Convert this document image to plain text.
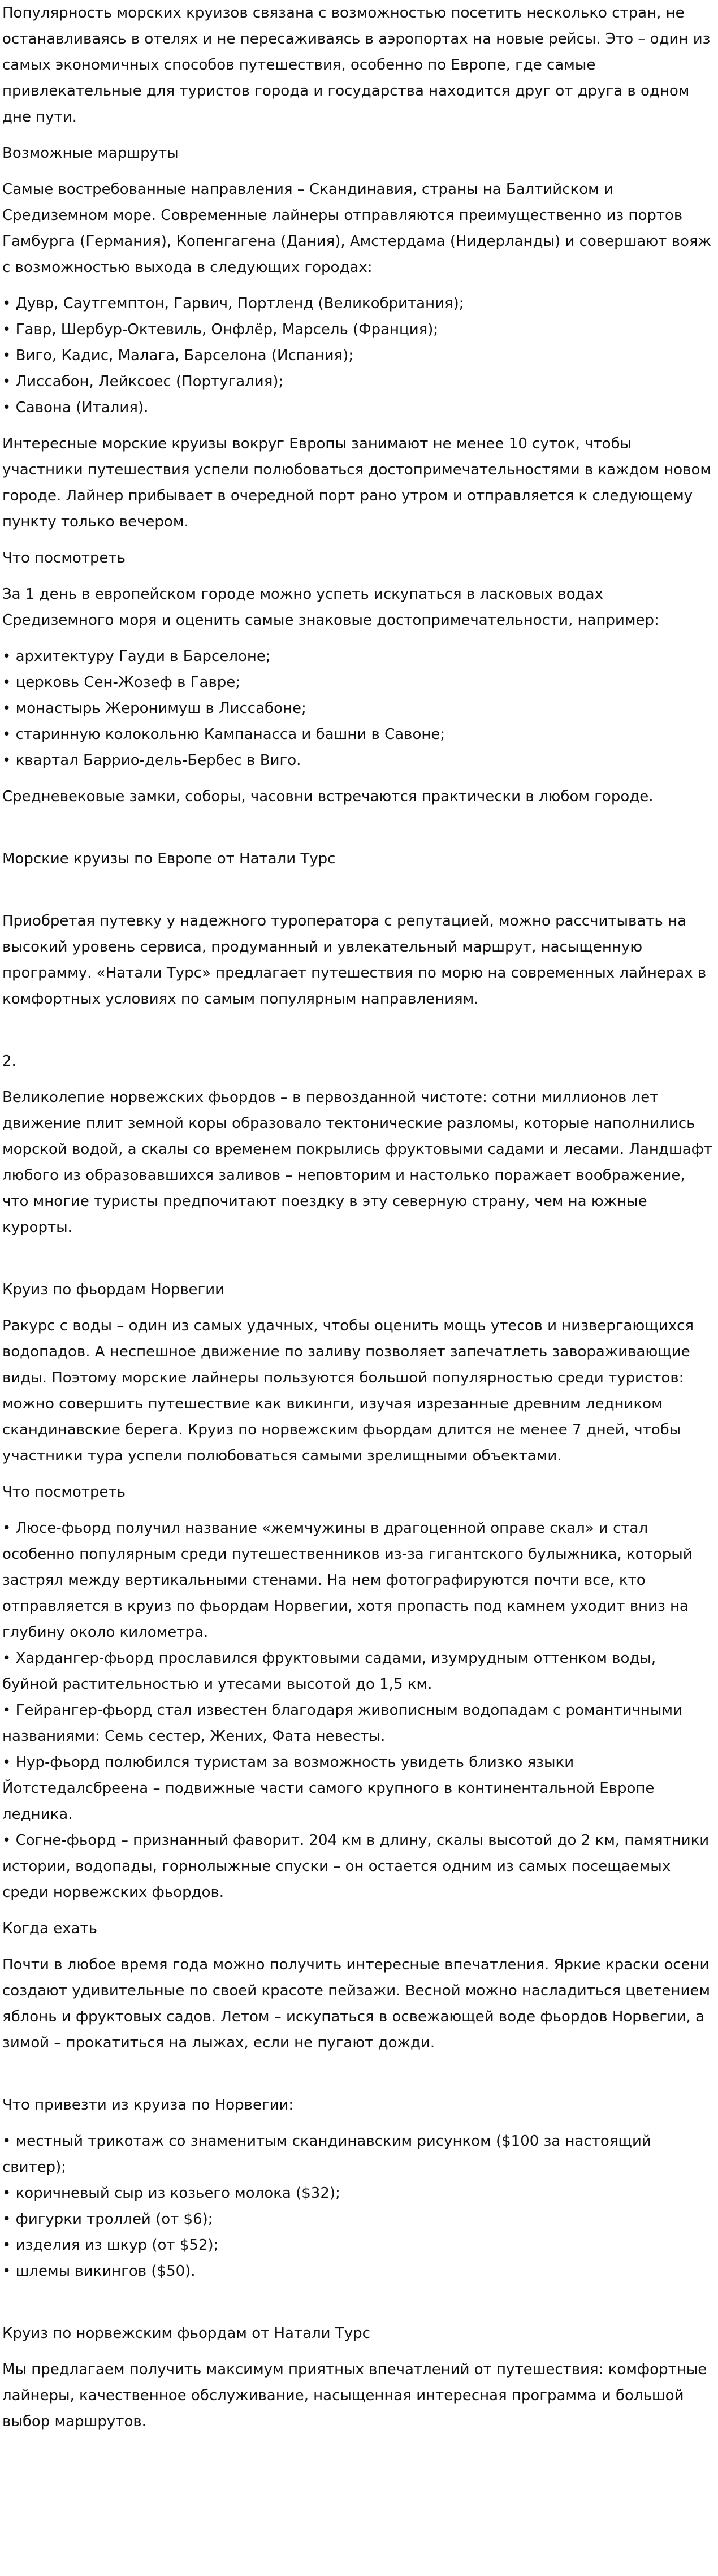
Популярность морских круизов связана с возможностью посетить несколько стран, не останавливаясь в отелях и не пересаживаясь в аэропортах на новые рейсы. Это – один из самых экономичных способов путешествия, особенно по Европе, где самые привлекательные для туристов города и государства находится друг от друга в одном дне пути.

Возможные маршруты

Самые востребованные направления – Скандинавия, страны на Балтийском и Средиземном море. Современные лайнеры отправляются преимущественно из портов Гамбурга (Германия), Копенгагена (Дания), Амстердама (Нидерланды) и совершают вояж с возможностью выхода в следующих городах:

• Дувр, Саутгемптон, Гарвич, Портленд (Великобритания);

• Гавр, Шербур-Октевиль, Онфлёр, Марсель (Франция);

• Виго, Кадис, Малага, Барселона (Испания);

• Лиссабон, Лейксоес (Португалия);

• Савона (Италия).

Интересные морские круизы вокруг Европы занимают не менее 10 суток, чтобы участники путешествия успели полюбоваться достопримечательностями в каждом новом городе. Лайнер прибывает в очередной порт рано утром и отправляется к следующему пункту только вечером.

Что посмотреть

За 1 день в европейском городе можно успеть искупаться в ласковых водах Средиземного моря и оценить самые знаковые достопримечательности, например:

• архитектуру Гауди в Барселоне;

• церковь Сен-Жозеф в Гавре;

• монастырь Жеронимуш в Лиссабоне;

• старинную колокольню Кампанасса и башни в Савоне;

• квартал Баррио-дель-Бербес в Виго.

Средневековые замки, соборы, часовни встречаются практически в любом городе.

Морские круизы по Европе от Натали Турс

Приобретая путевку у надежного туроператора с репутацией, можно рассчитывать на высокий уровень сервиса, продуманный и увлекательный маршрут, насыщенную программу. «Натали Турс» предлагает путешествия по морю на современных лайнерах в комфортных условиях по самым популярным направлениям.

2.

Великолепие норвежских фьордов – в первозданной чистоте: сотни миллионов лет движение плит земной коры образовало тектонические разломы, которые наполнились морской водой, а скалы со временем покрылись фруктовыми садами и лесами. Ландшафт любого из образовавшихся заливов – неповторим и настолько поражает воображение, что многие туристы предпочитают поездку в эту северную страну, чем на южные курорты.

Круиз по фьордам Норвегии

Ракурс с воды – один из самых удачных, чтобы оценить мощь утесов и низвергающихся водопадов. А неспешное движение по заливу позволяет запечатлеть завораживающие виды. Поэтому морские лайнеры пользуются большой популярностью среди туристов: можно совершить путешествие как викинги, изучая изрезанные древним ледником скандинавские берега. Круиз по норвежским фьордам длится не менее 7 дней, чтобы участники тура успели полюбоваться самыми зрелищными объектами.

Что посмотреть

• Люсе-фьорд получил название «жемчужины в драгоценной оправе скал» и стал особенно популярным среди путешественников из-за гигантского булыжника, который застрял между вертикальными стенами. На нем фотографируются почти все, кто отправляется в круиз по фьордам Норвегии, хотя пропасть под камнем уходит вниз на глубину около километра.

• Хардангер-фьорд прославился фруктовыми садами, изумрудным оттенком воды, буйной растительностью и утесами высотой до 1,5 км.

• Гейрангер-фьорд стал известен благодаря живописным водопадам с романтичными названиями: Семь сестер, Жених, Фата невесты.

• Нур-фьорд полюбился туристам за возможность увидеть близко языки Йотстедалсбреена – подвижные части самого крупного в континентальной Европе ледника.

• Согне-фьорд – признанный фаворит. 204 км в длину, скалы высотой до 2 км, памятники истории, водопады, горнолыжные спуски – он остается одним из самых посещаемых среди норвежских фьордов.

Когда ехать

Почти в любое время года можно получить интересные впечатления. Яркие краски осени создают удивительные по своей красоте пейзажи. Весной можно насладиться цветением яблонь и фруктовых садов. Летом – искупаться в освежающей воде фьордов Норвегии, а зимой – прокатиться на лыжах, если не пугают дожди.

Что привезти из круиза по Норвегии:

• местный трикотаж со знаменитым скандинавским рисунком ($100 за настоящий свитер);

• коричневый сыр из козьего молока ($32);

• фигурки троллей (от $6);

• изделия из шкур (от $52);

• шлемы викингов ($50).

Круиз по норвежским фьордам от Натали Турс

Мы предлагаем получить максимум приятных впечатлений от путешествия: комфортные лайнеры, качественное обслуживание, насыщенная интересная программа и большой выбор маршрутов.
